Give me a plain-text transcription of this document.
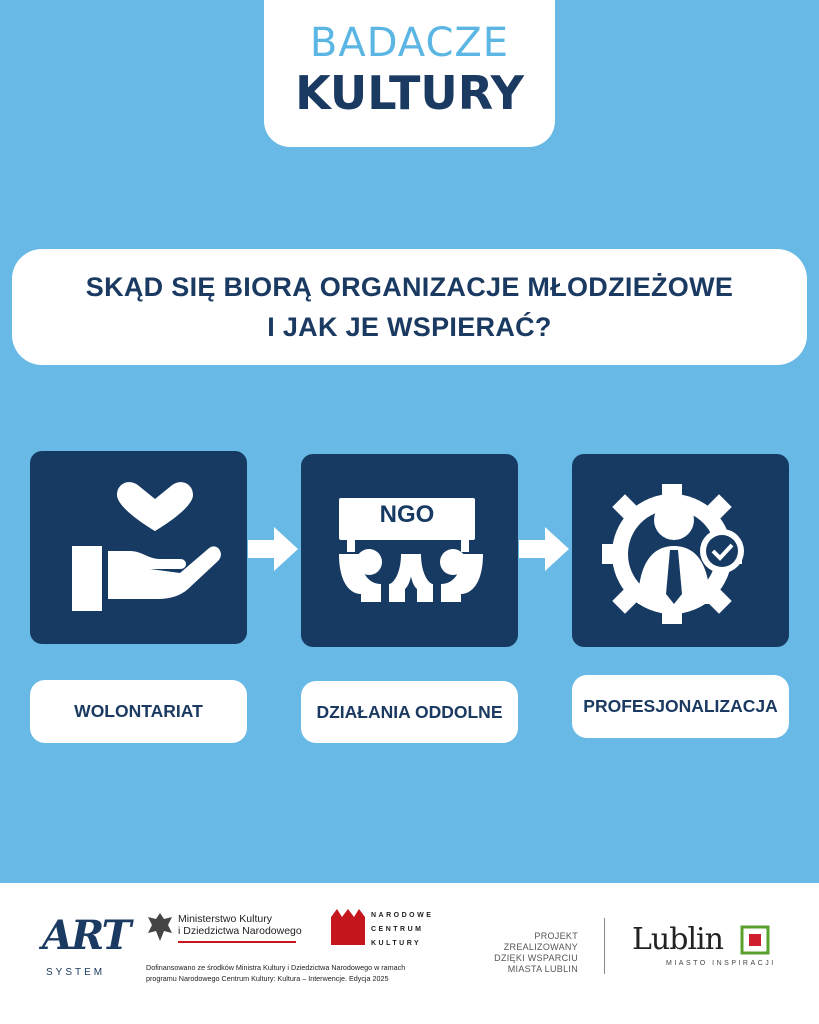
BADACZE
KULTURY
SKĄD SIĘ BIORĄ ORGANIZACJE MŁODZIEŻOWE
I JAK JE WSPIERAĆ?
NGO
WOLONTARIAT	DZIAŁANIA ODDOLNE	PROFESJONALIZACJA
ART
SYSTEM
Ministerstwo Kultury
i Dziedzictwa Narodowego
NARODOWE
CENTRUM
KULTURY
Dofinansowano ze środków Ministra Kultury i Dziedzictwa Narodowego w ramach
programu Narodowego Centrum Kultury: Kultura – Interwencje. Edycja 2025
PROJEKT ZREALIZOWANY
DZIĘKI WSPARCIU
MIASTA LUBLIN
Lublin
MIASTO INSPIRACJI
